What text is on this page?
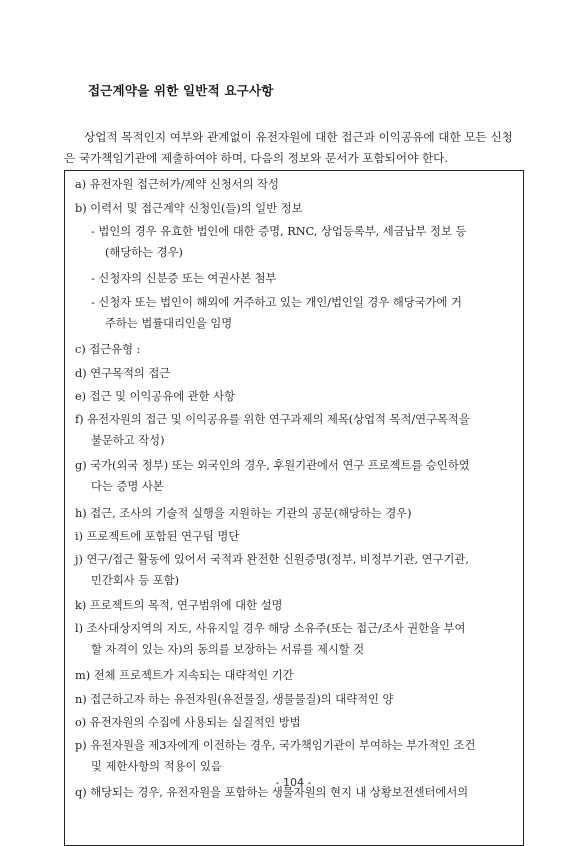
접근계약을 위한 일반적 요구사항
상업적 목적인지 여부와 관계없이 유전자원에 대한 접근과 이익공유에 대한 모든 신청
은 국가책임기관에 제출하여야 하며, 다음의 정보와 문서가 포함되어야 한다.
a) 유전자원 접근허가/계약 신청서의 작성
b) 이력서 및 접근계약 신청인(들)의 일반 정보
- 법인의 경우 유효한 법인에 대한 증명, RNC, 상업등록부, 세금납부 정보 등
(해당하는 경우)
- 신청자의 신분증 또는 여권사본 첨부
- 신청자 또는 법인이 해외에 거주하고 있는 개인/법인일 경우 해당국가에 거
주하는 법률대리인을 임명
c) 접근유형 :
d) 연구목적의 접근
e) 접근 및 이익공유에 관한 사항
f) 유전자원의 접근 및 이익공유를 위한 연구과제의 제목(상업적 목적/연구목적을
불문하고 작성)
g) 국가(외국 정부) 또는 외국인의 경우, 후원기관에서 연구 프로젝트를 승인하였
다는 증명 사본
h) 접근, 조사의 기술적 실행을 지원하는 기관의 공문(해당하는 경우)
i) 프로젝트에 포함된 연구팀 명단
j) 연구/접근 활동에 있어서 국적과 완전한 신원증명(정부, 비정부기관, 연구기관,
민간회사 등 포함)
k) 프로젝트의 목적, 연구범위에 대한 설명
l) 조사대상지역의 지도, 사유지일 경우 해당 소유주(또는 접근/조사 권한을 부여
할 자격이 있는 자)의 동의를 보장하는 서류를 제시할 것
m) 전체 프로젝트가 지속되는 대략적인 기간
n) 접근하고자 하는 유전자원(유전물질, 생물물질)의 대략적인 양
o) 유전자원의 수집에 사용되는 실질적인 방법
p) 유전자원을 제3자에게 이전하는 경우, 국가책임기관이 부여하는 부가적인 조건
및 제한사항의 적용이 있음
q) 해당되는 경우, 유전자원을 포함하는 생물자원의 현지 내 상황보전센터에서의
- 104 -
